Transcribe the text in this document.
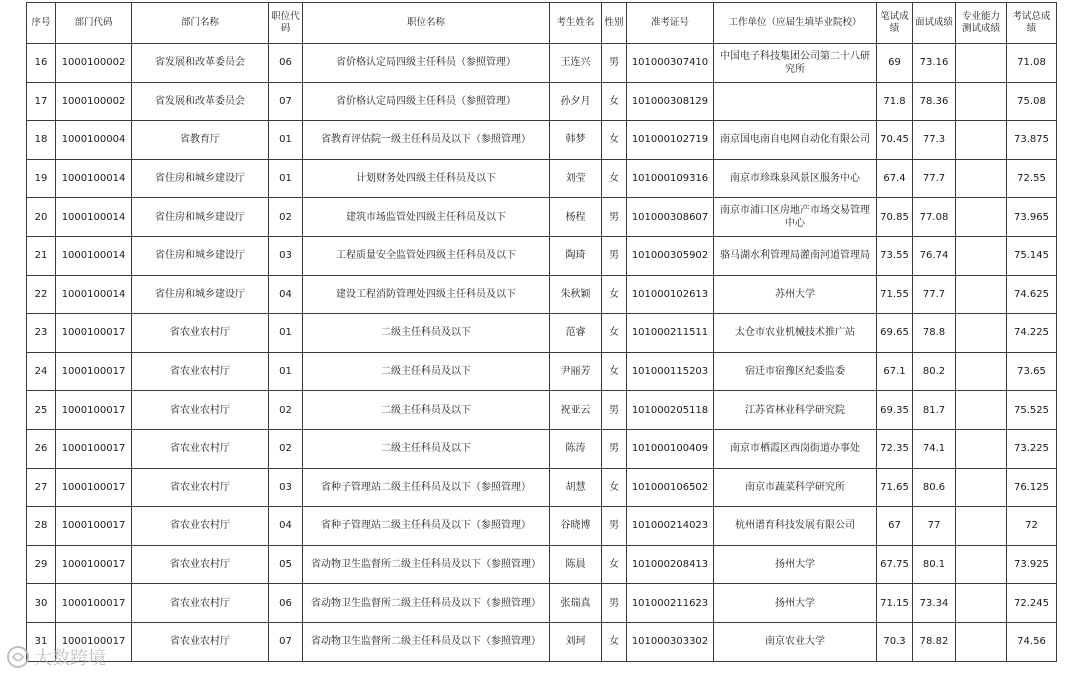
序号	部门代码	部门名称	职位代码	职位名称	考生姓名	性别	准考证号	工作单位（应届生填毕业院校）	笔试成绩	面试成绩	专业能力测试成绩	考试总成绩
16	1000100002	省发展和改革委员会	06	省价格认定局四级主任科员（参照管理）	王连兴	男	101000307410	中国电子科技集团公司第二十八研究所	69	73.16		71.08
17	1000100002	省发展和改革委员会	07	省价格认定局四级主任科员（参照管理）	孙夕月	女	101000308129		71.8	78.36		75.08
18	1000100004	省教育厅	01	省教育评估院一级主任科员及以下（参照管理）	韩梦	女	101000102719	南京国电南自电网自动化有限公司	70.45	77.3		73.875
19	1000100014	省住房和城乡建设厅	01	计划财务处四级主任科员及以下	刘莹	女	101000109316	南京市珍珠泉风景区服务中心	67.4	77.7		72.55
20	1000100014	省住房和城乡建设厅	02	建筑市场监管处四级主任科员及以下	杨程	男	101000308607	南京市浦口区房地产市场交易管理中心	70.85	77.08		73.965
21	1000100014	省住房和城乡建设厅	03	工程质量安全监管处四级主任科员及以下	陶琦	男	101000305902	骆马湖水利管理局灌南河道管理局	73.55	76.74		75.145
22	1000100014	省住房和城乡建设厅	04	建设工程消防管理处四级主任科员及以下	朱秋颖	女	101000102613	苏州大学	71.55	77.7		74.625
23	1000100017	省农业农村厅	01	二级主任科员及以下	范睿	女	101000211511	太仓市农业机械技术推广站	69.65	78.8		74.225
24	1000100017	省农业农村厅	01	二级主任科员及以下	尹丽芳	女	101000115203	宿迁市宿豫区纪委监委	67.1	80.2		73.65
25	1000100017	省农业农村厅	02	二级主任科员及以下	祝亚云	男	101000205118	江苏省林业科学研究院	69.35	81.7		75.525
26	1000100017	省农业农村厅	02	二级主任科员及以下	陈涛	男	101000100409	南京市栖霞区西岗街道办事处	72.35	74.1		73.225
27	1000100017	省农业农村厅	03	省种子管理站二级主任科员及以下（参照管理）	胡慧	女	101000106502	南京市蔬菜科学研究所	71.65	80.6		76.125
28	1000100017	省农业农村厅	04	省种子管理站二级主任科员及以下（参照管理）	谷晓博	男	101000214023	杭州谱育科技发展有限公司	67	77		72
29	1000100017	省农业农村厅	05	省动物卫生监督所二级主任科员及以下（参照管理）	陈晨	女	101000208413	扬州大学	67.75	80.1		73.925
30	1000100017	省农业农村厅	06	省动物卫生监督所二级主任科员及以下（参照管理）	张瑞真	男	101000211623	扬州大学	71.15	73.34		72.245
31	1000100017	省农业农村厅	07	省动物卫生监督所二级主任科员及以下（参照管理）	刘珂	女	101000303302	南京农业大学	70.3	78.82		74.56
大数跨境
